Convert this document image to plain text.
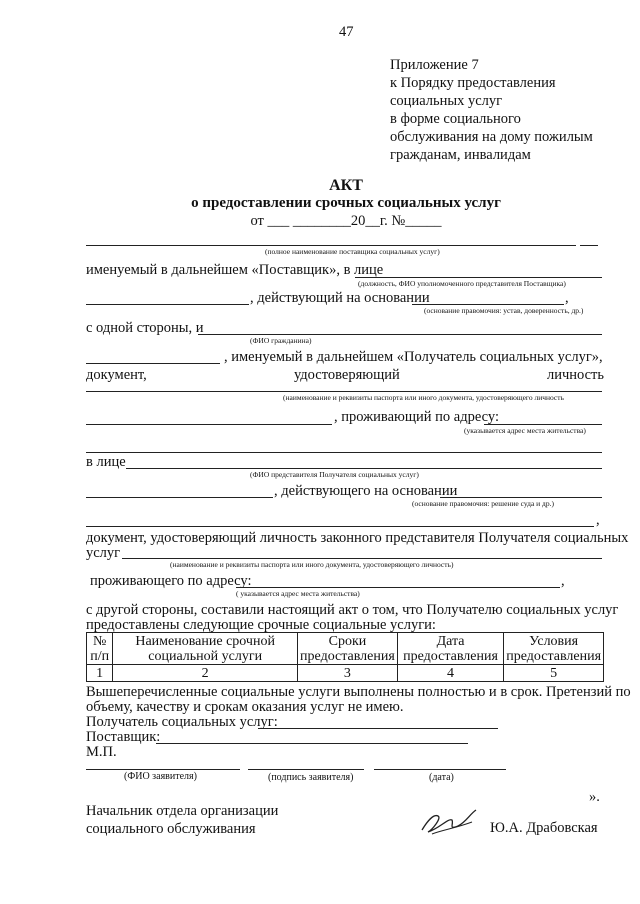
47
Приложение 7
к Порядку предоставления
социальных услуг
в форме социального
обслуживания на дому пожилым
гражданам, инвалидам
АКТ
о предоставлении срочных социальных услуг
от ___ ________20__г. №_____
(полное наименование поставщика социальных услуг)
именуемый в дальнейшем «Поставщик», в лице
(должность, ФИО уполномоченного представителя Поставщика)
, действующий на основании	,
(основание правомочия: устав, доверенность, др.)
с одной стороны, и
(ФИО гражданина)
, именуемый в дальнейшем «Получатель социальных услуг»,
документ,	удостоверяющий	личность
(наименование и реквизиты паспорта или иного документа, удостоверяющего личность
, проживающий по адресу:
(указывается адрес места жительства)
в лице
(ФИО представителя Получателя социальных услуг)
, действующего на основании
(основание правомочия: решение суда и др.)
,
документ, удостоверяющий личность законного представителя Получателя социальных
услуг
(наименование и реквизиты паспорта или иного документа, удостоверяющего личность)
проживающего по адресу:	,
( указывается адрес места жительства)
с другой стороны, составили настоящий акт о том, что Получателю социальных услуг
предоставлены следующие срочные социальные услуги:
№ п/п	Наименование срочной социальной услуги	Сроки предоставления	Дата предоставления	Условия предоставления
1	2	3	4	5
Вышеперечисленные социальные услуги выполнены полностью и в срок. Претензий по
объему, качеству и срокам оказания услуг не имею.
Получатель социальных услуг:
Поставщик:
М.П.
(ФИО заявителя)	(подпись заявителя)	(дата)
».
Начальник отдела организации
социального обслуживания	Ю.А. Драбовская
